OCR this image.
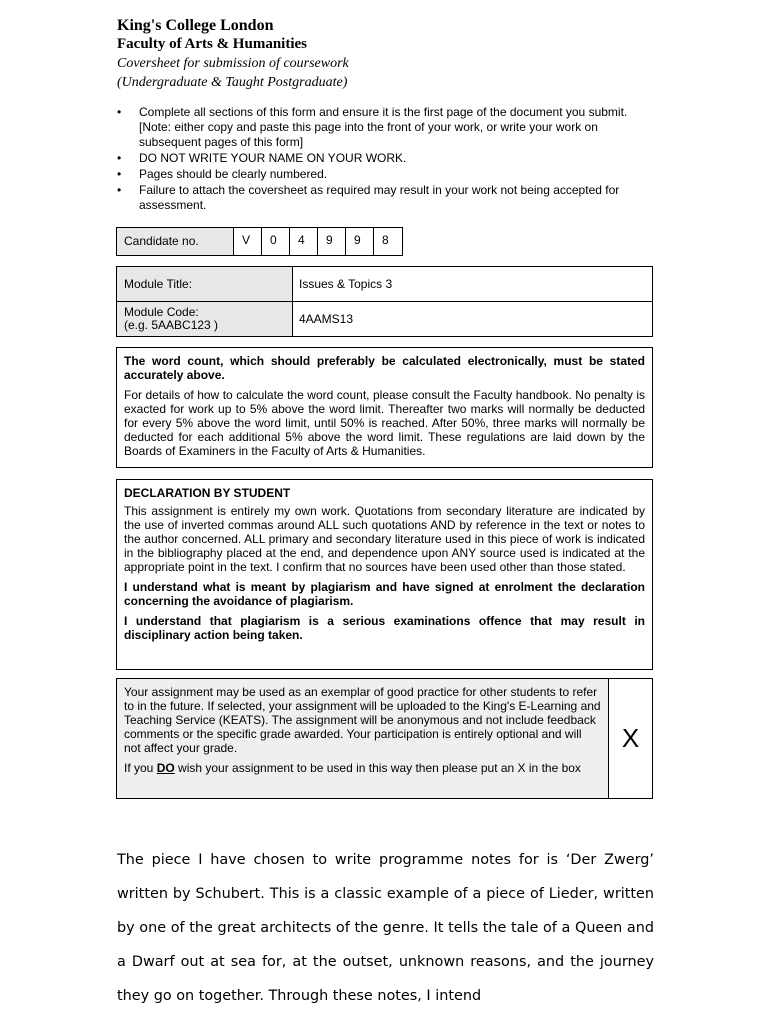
King's College London
Faculty of Arts & Humanities
Coversheet for submission of coursework
(Undergraduate & Taught Postgraduate)
• Complete all sections of this form and ensure it is the first page of the document you submit. [Note: either copy and paste this page into the front of your work, or write your work on subsequent pages of this form]
• DO NOT WRITE YOUR NAME ON YOUR WORK.
• Pages should be clearly numbered.
• Failure to attach the coversheet as required may result in your work not being accepted for assessment.
Candidate no.	V	0	4	9	9	8
Module Title:	Issues & Topics 3
Module Code:
(e.g. 5AABC123 )	4AAMS13

The word count, which should preferably be calculated electronically, must be stated accurately above.

For details of how to calculate the word count, please consult the Faculty handbook. No penalty is exacted for work up to 5% above the word limit. Thereafter two marks will normally be deducted for every 5% above the word limit, until 50% is reached. After 50%, three marks will normally be deducted for each additional 5% above the word limit. These regulations are laid down by the Boards of Examiners in the Faculty of Arts & Humanities.

DECLARATION BY STUDENT

This assignment is entirely my own work. Quotations from secondary literature are indicated by the use of inverted commas around ALL such quotations AND by reference in the text or notes to the author concerned. ALL primary and secondary literature used in this piece of work is indicated in the bibliography placed at the end, and dependence upon ANY source used is indicated at the appropriate point in the text. I confirm that no sources have been used other than those stated.

I understand what is meant by plagiarism and have signed at enrolment the declaration concerning the avoidance of plagiarism.

I understand that plagiarism is a serious examinations offence that may result in disciplinary action being taken.

Your assignment may be used as an exemplar of good practice for other students to refer to in the future. If selected, your assignment will be uploaded to the King's E-Learning and Teaching Service (KEATS). The assignment will be anonymous and not include feedback comments or the specific grade awarded. Your participation is entirely optional and will not affect your grade.

If you DO wish your assignment to be used in this way then please put an X in the box

X

The piece I have chosen to write programme notes for is ‘Der Zwerg’ written by Schubert. This is a classic example of a piece of Lieder, written by one of the great architects of the genre. It tells the tale of a Queen and a Dwarf out at sea for, at the outset, unknown reasons, and the journey they go on together. Through these notes, I intend
